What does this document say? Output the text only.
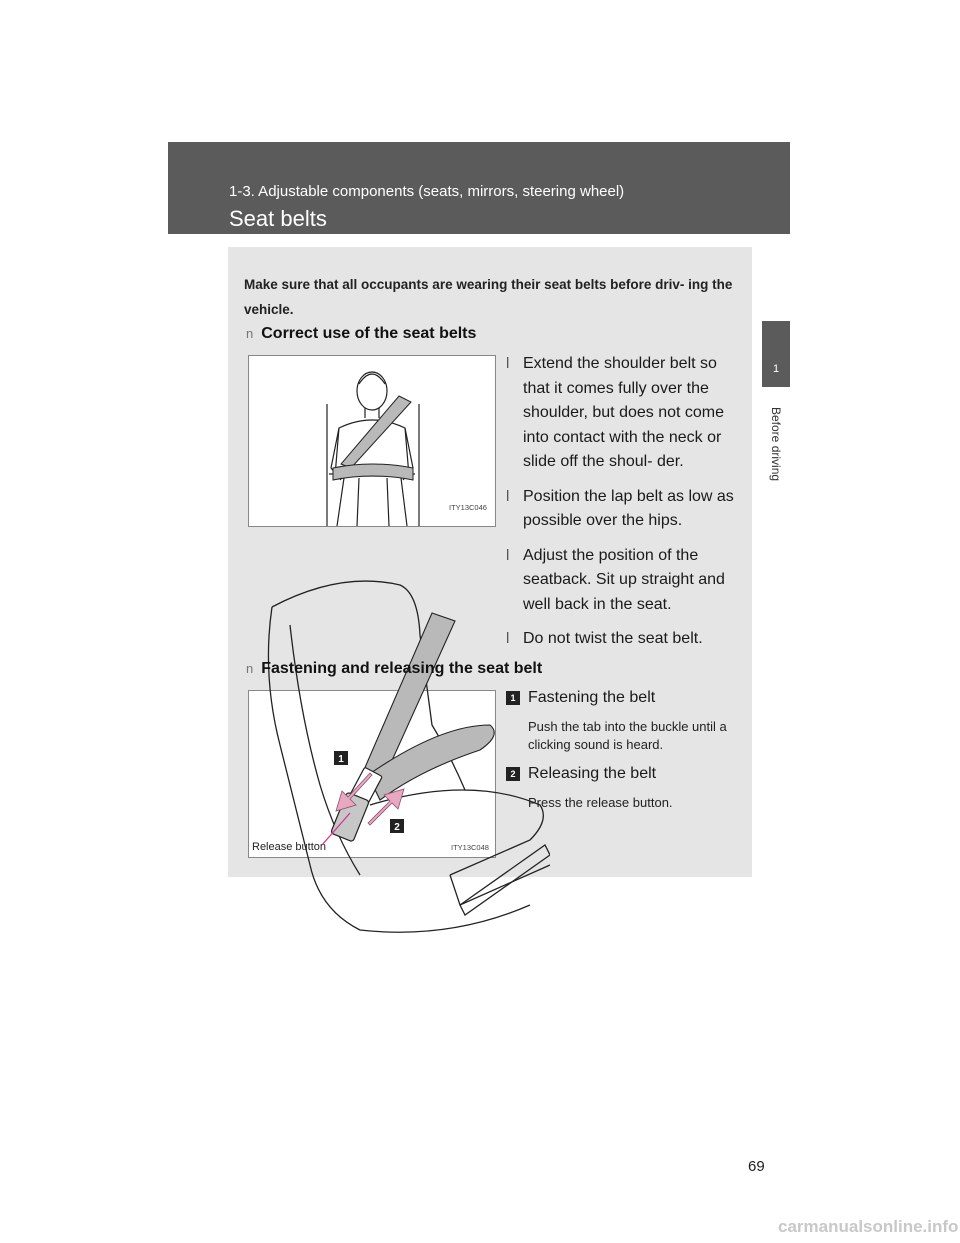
1‑3. Adjustable components (seats, mirrors, steering wheel)
Seat belts
1
Before driving
Make sure that all occupants are wearing their seat belts before driv‑ ing the vehicle.
n Correct use of the seat belts
ITY13C046
l Extend the shoulder belt so that it comes fully over the shoulder, but does not come into contact with the neck or slide off the shoul‑ der.
l Position the lap belt as low as possible over the hips.
l Adjust the position of the seatback. Sit up straight and well back in the seat.
l Do not twist the seat belt.
ITY13C048
Release button
1
2
n Fastening and releasing the seat belt
1 Fastening the belt
Push the tab into the buckle until a clicking sound is heard.
2 Releasing the belt
Press the release button.
69
carmanualsonline.info
